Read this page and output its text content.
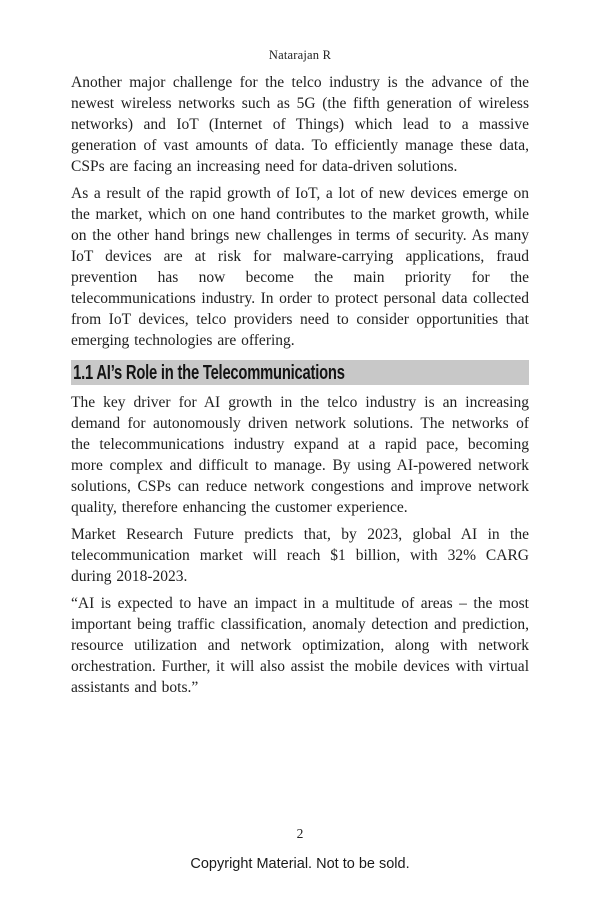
Natarajan R

Another major challenge for the telco industry is the advance of the newest wireless networks such as 5G (the fifth generation of wireless networks) and IoT (Internet of Things) which lead to a massive generation of vast amounts of data. To efficiently manage these data, CSPs are facing an increasing need for data-driven solutions.

As a result of the rapid growth of IoT, a lot of new devices emerge on the market, which on one hand contributes to the market growth, while on the other hand brings new challenges in terms of security. As many IoT devices are at risk for malware-carrying applications, fraud prevention has now become the main priority for the telecommunications industry. In order to protect personal data collected from IoT devices, telco providers need to consider opportunities that emerging technologies are offering.

1.1 AI’s Role in the Telecommunications

The key driver for AI growth in the telco industry is an increasing demand for autonomously driven network solutions. The networks of the telecommunications industry expand at a rapid pace, becoming more complex and difficult to manage. By using AI-powered network solutions, CSPs can reduce network congestions and improve network quality, therefore enhancing the customer experience.

Market Research Future predicts that, by 2023, global AI in the telecommunication market will reach $1 billion, with 32% CARG during 2018-2023.

“AI is expected to have an impact in a multitude of areas – the most important being traffic classification, anomaly detection and prediction, resource utilization and network optimization, along with network orchestration. Further, it will also assist the mobile devices with virtual assistants and bots.”

2
Copyright Material. Not to be sold.
